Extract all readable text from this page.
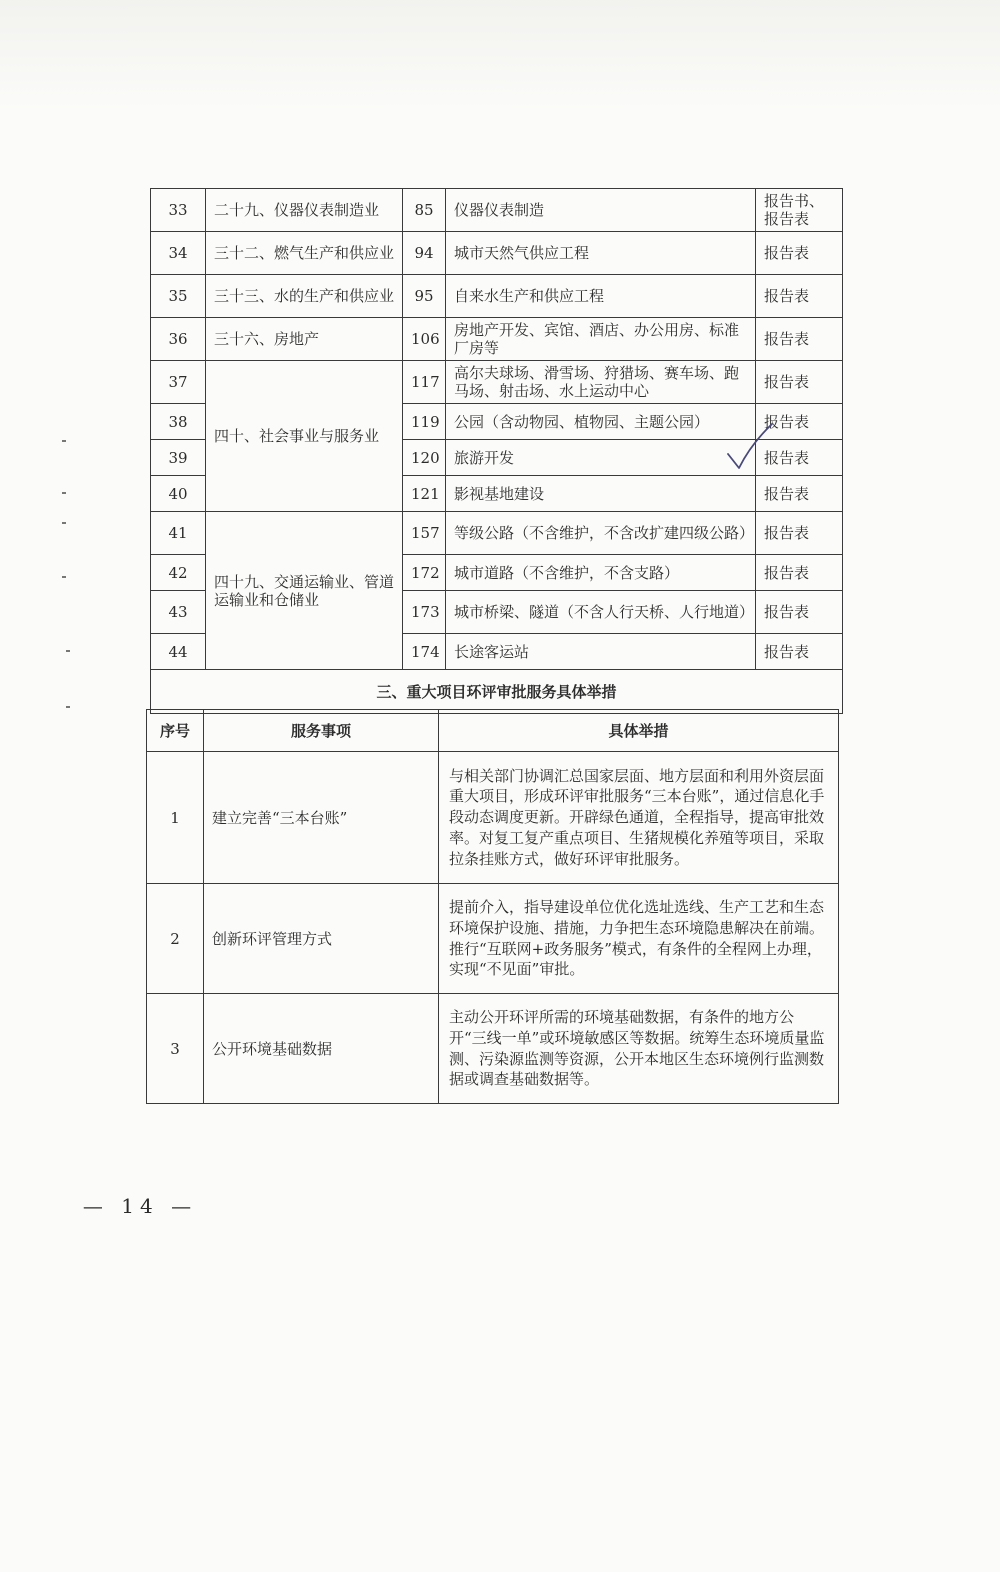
33	二十九、仪器仪表制造业	85	仪器仪表制造	报告书、报告表
34	三十二、燃气生产和供应业	94	城市天然气供应工程	报告表
35	三十三、水的生产和供应业	95	自来水生产和供应工程	报告表
36	三十六、房地产	106	房地产开发、宾馆、酒店、办公用房、标准厂房等	报告表
37	四十、社会事业与服务业	117	高尔夫球场、滑雪场、狩猎场、赛车场、跑马场、射击场、水上运动中心	报告表
38		119	公园（含动物园、植物园、主题公园）	报告表
39		120	旅游开发	报告表
40		121	影视基地建设	报告表
41	四十九、交通运输业、管道运输业和仓储业	157	等级公路（不含维护，不含改扩建四级公路）	报告表
42		172	城市道路（不含维护，不含支路）	报告表
43		173	城市桥梁、隧道（不含人行天桥、人行地道）	报告表
44		174	长途客运站	报告表
三、重大项目环评审批服务具体举措				
序号	服务事项	具体举措
1	建立完善“三本台账”	与相关部门协调汇总国家层面、地方层面和利用外资层面重大项目，形成环评审批服务“三本台账”，通过信息化手段动态调度更新。开辟绿色通道，全程指导，提高审批效率。对复工复产重点项目、生猪规模化养殖等项目，采取拉条挂账方式，做好环评审批服务。
2	创新环评管理方式	提前介入，指导建设单位优化选址选线、生产工艺和生态环境保护设施、措施，力争把生态环境隐患解决在前端。推行“互联网+政务服务”模式，有条件的全程网上办理，实现“不见面”审批。
3	公开环境基础数据	主动公开环评所需的环境基础数据，有条件的地方公开“三线一单”或环境敏感区等数据。统筹生态环境质量监测、污染源监测等资源，公开本地区生态环境例行监测数据或调查基础数据等。
— 14 —
